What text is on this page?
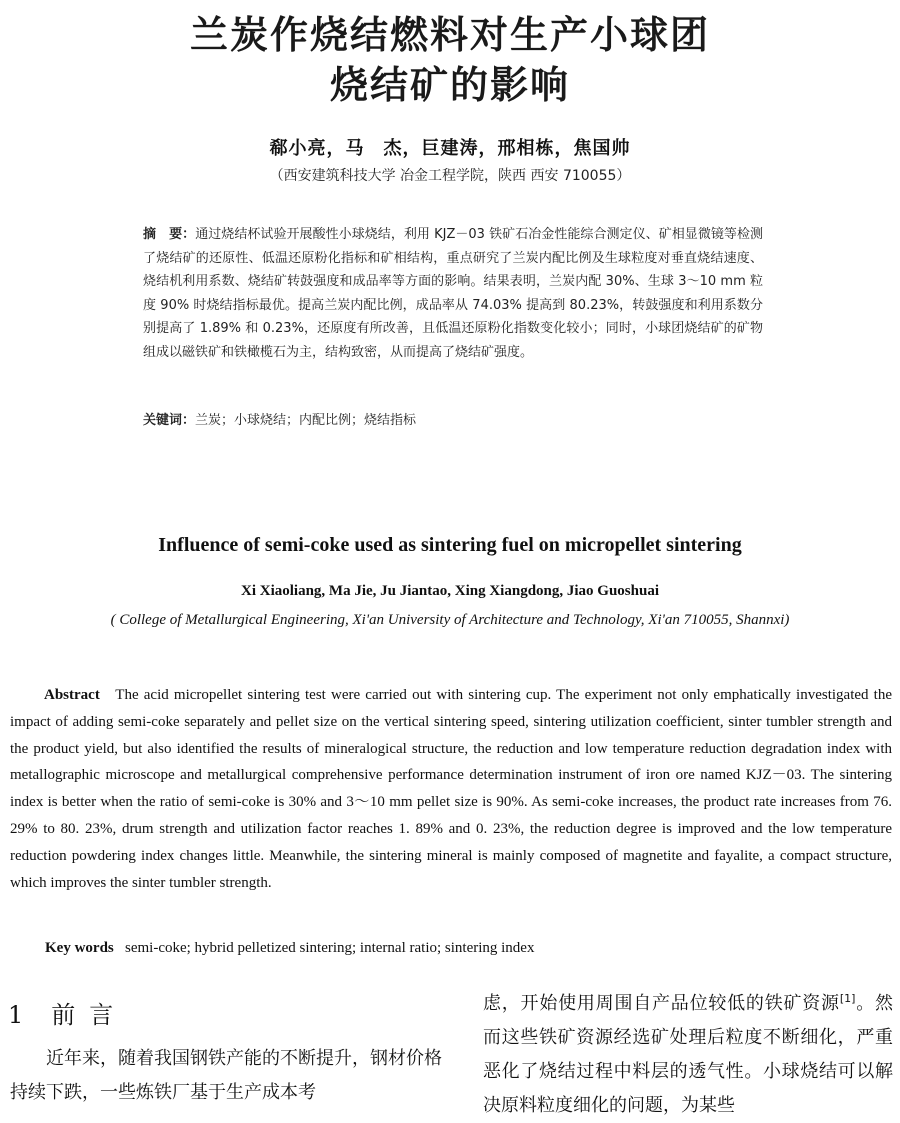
兰炭作烧结燃料对生产小球团
烧结矿的影响
郗小亮，马　杰，巨建涛，邢相栋，焦国帅
（西安建筑科技大学 冶金工程学院，陕西 西安 710055）
摘　要：通过烧结杯试验开展酸性小球烧结，利用 KJZ－03 铁矿石冶金性能综合测定仪、矿相显微镜等检测了烧结矿的还原性、低温还原粉化指标和矿相结构，重点研究了兰炭内配比例及生球粒度对垂直烧结速度、烧结机利用系数、烧结矿转鼓强度和成品率等方面的影响。结果表明，兰炭内配 30%、生球 3～10 mm 粒度 90% 时烧结指标最优。提高兰炭内配比例，成品率从 74.03% 提高到 80.23%，转鼓强度和利用系数分别提高了 1.89% 和 0.23%，还原度有所改善，且低温还原粉化指数变化较小；同时，小球团烧结矿的矿物组成以磁铁矿和铁橄榄石为主，结构致密，从而提高了烧结矿强度。
关键词：兰炭；小球烧结；内配比例；烧结指标
Influence of semi-coke used as sintering fuel on micropellet sintering
Xi Xiaoliang, Ma Jie, Ju Jiantao, Xing Xiangdong, Jiao Guoshuai
( College of Metallurgical Engineering, Xi'an University of Architecture and Technology, Xi'an 710055, Shannxi)
Abstract The acid micropellet sintering test were carried out with sintering cup. The experiment not only emphatically investigated the impact of adding semi-coke separately and pellet size on the vertical sintering speed, sintering utilization coefficient, sinter tumbler strength and the product yield, but also identified the results of mineralogical structure, the reduction and low temperature reduction degradation index with metallographic microscope and metallurgical comprehensive performance determination instrument of iron ore named KJZ－03. The sintering index is better when the ratio of semi-coke is 30% and 3～10 mm pellet size is 90%. As semi-coke increases, the product rate increases from 76. 29% to 80. 23%, drum strength and utilization factor reaches 1. 89% and 0. 23%, the reduction degree is improved and the low temperature reduction powdering index changes little. Meanwhile, the sintering mineral is mainly composed of magnetite and fayalite, a compact structure, which improves the sinter tumbler strength.
Key words semi-coke; hybrid pelletized sintering; internal ratio; sintering index
1 前言
近年来，随着我国钢铁产能的不断提升，钢材价格持续下跌，一些炼铁厂基于生产成本考
虑，开始使用周围自产品位较低的铁矿资源[1]。然而这些铁矿资源经选矿处理后粒度不断细化，严重恶化了烧结过程中料层的透气性。小球烧结可以解决原料粒度细化的问题，为某些
